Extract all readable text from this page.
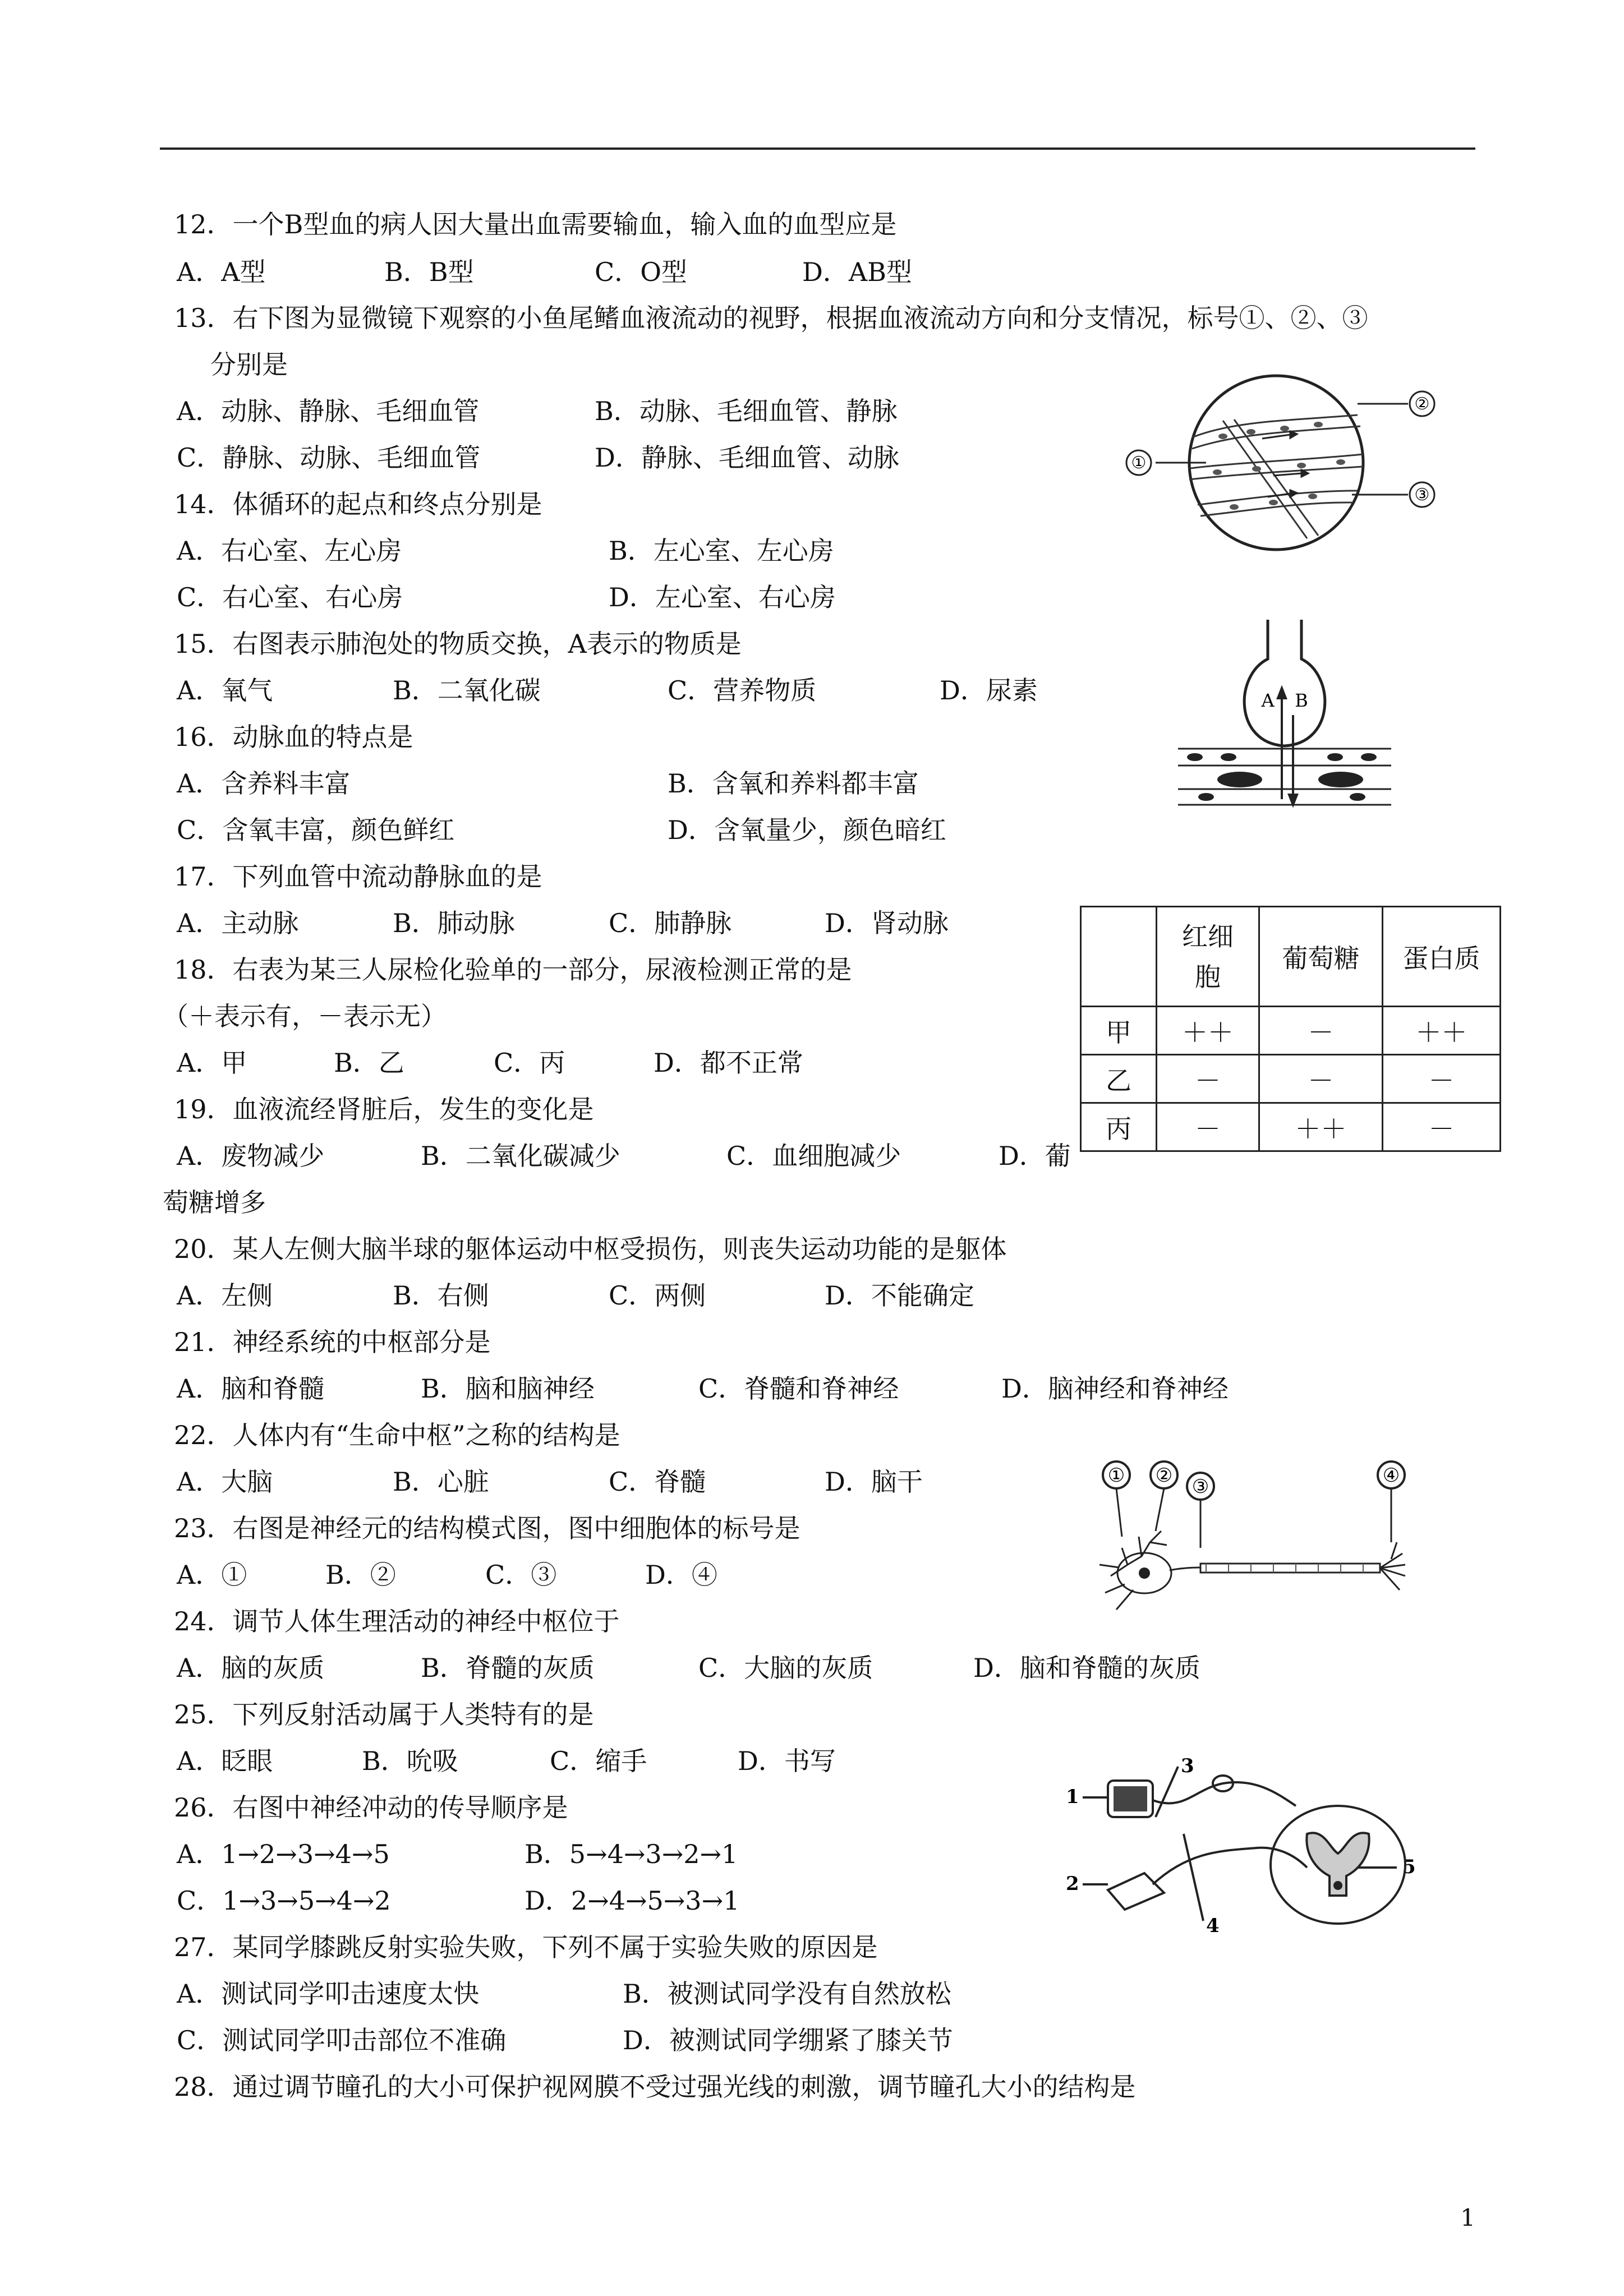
12．一个B型血的病人因大量出血需要输血，输入血的血型应是
A．A型	B．B型	C．O型	D．AB型
13．右下图为显微镜下观察的小鱼尾鳍血液流动的视野，根据血液流动方向和分支情况，标号①、②、③
分别是
A．动脉、静脉、毛细血管	B．动脉、毛细血管、静脉
C．静脉、动脉、毛细血管	D．静脉、毛细血管、动脉
14．体循环的起点和终点分别是
A．右心室、左心房	B．左心室、左心房
C．右心室、右心房	D．左心室、右心房
15．右图表示肺泡处的物质交换，A表示的物质是
A．氧气	B．二氧化碳	C．营养物质	D．尿素
16．动脉血的特点是
A．含养料丰富	B．含氧和养料都丰富
C．含氧丰富，颜色鲜红	D．含氧量少，颜色暗红
17．下列血管中流动静脉血的是
A．主动脉	B．肺动脉	C．肺静脉	D．肾动脉
18．右表为某三人尿检化验单的一部分，尿液检测正常的是
（＋表示有，－表示无）
A．甲	B．乙	C．丙	D．都不正常
19．血液流经肾脏后，发生的变化是
A．废物减少	B．二氧化碳减少	C．血细胞减少	D．葡
萄糖增多
20．某人左侧大脑半球的躯体运动中枢受损伤，则丧失运动功能的是躯体
A．左侧	B．右侧	C．两侧	D．不能确定
21．神经系统的中枢部分是
A．脑和脊髓	B．脑和脑神经	C．脊髓和脊神经	D．脑神经和脊神经
22．人体内有“生命中枢”之称的结构是
A．大脑	B．心脏	C．脊髓	D．脑干
23．右图是神经元的结构模式图，图中细胞体的标号是
A．①	B．②	C．③	D．④
24．调节人体生理活动的神经中枢位于
A．脑的灰质	B．脊髓的灰质	C．大脑的灰质	D．脑和脊髓的灰质
25．下列反射活动属于人类特有的是
A．眨眼	B．吮吸	C．缩手	D．书写
26．右图中神经冲动的传导顺序是
A．1→2→3→4→5	B．5→4→3→2→1
C．1→3→5→4→2	D．2→4→5→3→1
27．某同学膝跳反射实验失败，下列不属于实验失败的原因是
A．测试同学叩击速度太快	B．被测试同学没有自然放松
C．测试同学叩击部位不准确	D．被测试同学绷紧了膝关节
28．通过调节瞳孔的大小可保护视网膜不受过强光线的刺激，调节瞳孔大小的结构是
①
②
③
A B
	红细
胞	葡萄糖	蛋白质
甲	＋＋	－	＋＋
乙	－	－	－
丙	－	＋＋	－
① ② ③	④
1
2
3
4
5
1
